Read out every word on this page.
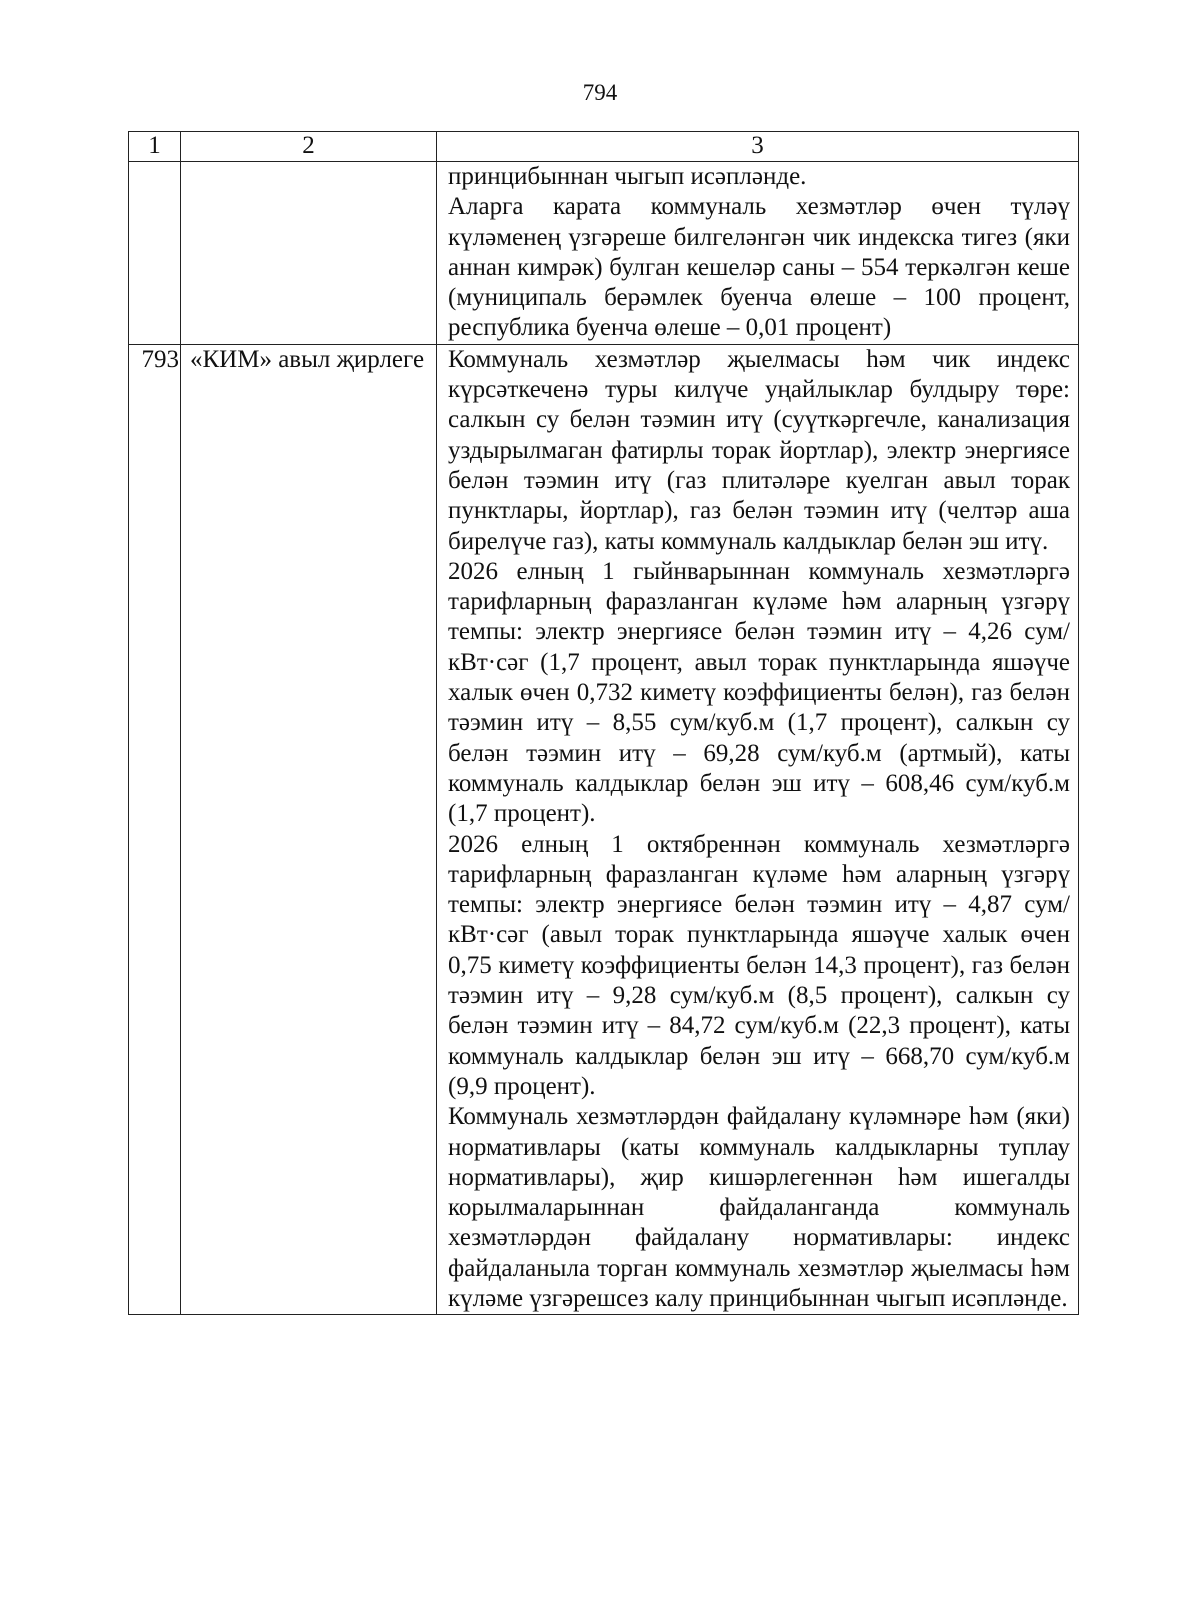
794
1	2	3

		принцибыннан чыгып исәпләнде.

Аларга карата коммуналь хезмәтләр өчен түләү күләменең үзгәреше билгеләнгән чик индекска тигез (яки аннан кимрәк) булган кешеләр саны – 554 теркәлгән кеше (муниципаль берәмлек буенча өлеше – 100 процент, республика буенча өлеше – 0,01 процент)

793	«КИМ» авыл җирлеге	Коммуналь хезмәтләр җыелмасы һәм чик индекс күрсәткеченә туры килүче уңайлыклар булдыру төре: салкын су белән тәэмин итү (суүткәргечле, канализация уздырылмаган фатирлы торак йортлар), электр энергиясе белән тәэмин итү (газ плитәләре куелган авыл торак пунктлары, йортлар), газ белән тәэмин итү (челтәр аша бирелүче газ), каты коммуналь калдыклар белән эш итү.

2026 елның 1 гыйнварыннан коммуналь хезмәтләргә тарифларның фаразланган күләме һәм аларның үзгәрү темпы: электр энергиясе белән тәэмин итү – 4,26 сум/кВт·сәг (1,7 процент, авыл торак пунктларында яшәүче халык өчен 0,732 киметү коэффициенты белән), газ белән тәэмин итү – 8,55 сум/куб.м (1,7 процент), салкын су белән тәэмин итү – 69,28 сум/куб.м (артмый), каты коммуналь калдыклар белән эш итү – 608,46 сум/куб.м (1,7 процент).

2026 елның 1 октябреннән коммуналь хезмәтләргә тарифларның фаразланган күләме һәм аларның үзгәрү темпы: электр энергиясе белән тәэмин итү – 4,87 сум/кВт·сәг (авыл торак пунктларында яшәүче халык өчен 0,75 киметү коэффициенты белән 14,3 процент), газ белән тәэмин итү – 9,28 сум/куб.м (8,5 процент), салкын су белән тәэмин итү – 84,72 сум/куб.м (22,3 процент), каты коммуналь калдыклар белән эш итү – 668,70 сум/куб.м (9,9 процент).

Коммуналь хезмәтләрдән файдалану күләмнәре һәм (яки) нормативлары (каты коммуналь калдыкларны туплау нормативлары), җир кишәрлегеннән һәм ишегалды корылмаларыннан файдаланганда коммуналь хезмәтләрдән файдалану нормативлары: индекс файдаланыла торган коммуналь хезмәтләр җыелмасы һәм күләме үзгәрешсез калу принцибыннан чыгып исәпләнде.
